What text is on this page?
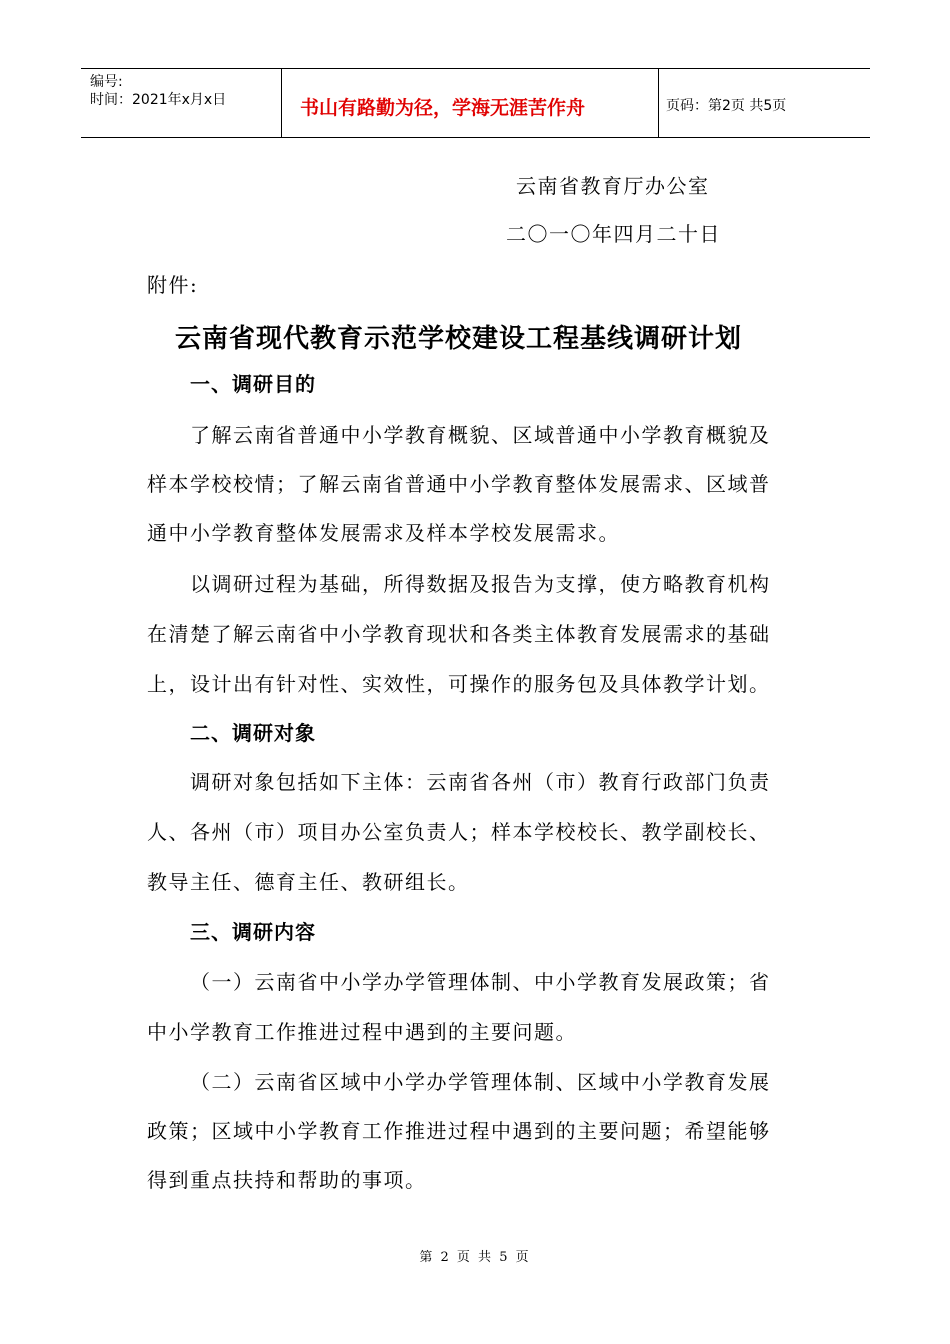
编号:
时间：2021年x月x日	书山有路勤为径，学海无涯苦作舟	页码：第2页 共5页
云南省教育厅办公室
二〇一〇年四月二十日
附件:
云南省现代教育示范学校建设工程基线调研计划
一、调研目的
了解云南省普通中小学教育概貌、区域普通中小学教育概貌及
样本学校校情；了解云南省普通中小学教育整体发展需求、区域普
通中小学教育整体发展需求及样本学校发展需求。
以调研过程为基础，所得数据及报告为支撑，使方略教育机构
在清楚了解云南省中小学教育现状和各类主体教育发展需求的基础
上，设计出有针对性、实效性，可操作的服务包及具体教学计划。
二、调研对象
调研对象包括如下主体：云南省各州（市）教育行政部门负责
人、各州（市）项目办公室负责人；样本学校校长、教学副校长、
教导主任、德育主任、教研组长。
三、调研内容
（一）云南省中小学办学管理体制、中小学教育发展政策；省
中小学教育工作推进过程中遇到的主要问题。
（二）云南省区域中小学办学管理体制、区域中小学教育发展
政策；区域中小学教育工作推进过程中遇到的主要问题；希望能够
得到重点扶持和帮助的事项。
第 2 页 共 5 页
